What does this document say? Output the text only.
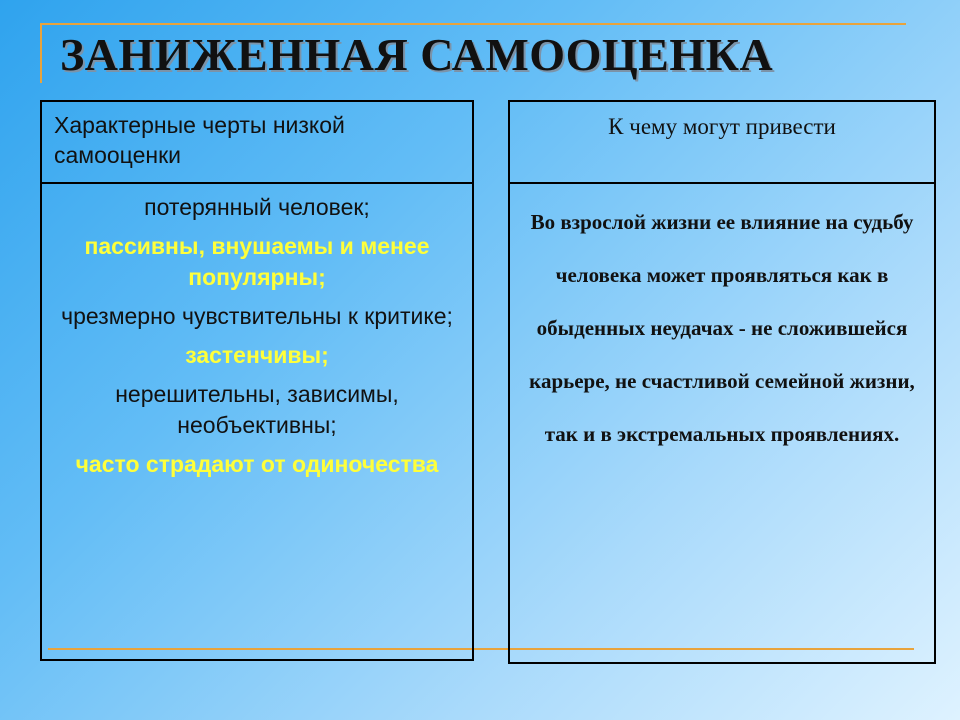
ЗАНИЖЕННАЯ САМООЦЕНКА
Характерные черты низкой самооценки

потерянный человек;

пассивны, внушаемы и менее популярны;

чрезмерно чувствительны к критике;

застенчивы;

нерешительны, зависимы, необъективны;

часто страдают от одиночества

К чему могут привести
Во взрослой жизни ее влияние на судьбу человека может проявляться как в обыденных неудачах - не сложившейся карьере, не счастливой семейной жизни, так и в экстремальных проявлениях.
